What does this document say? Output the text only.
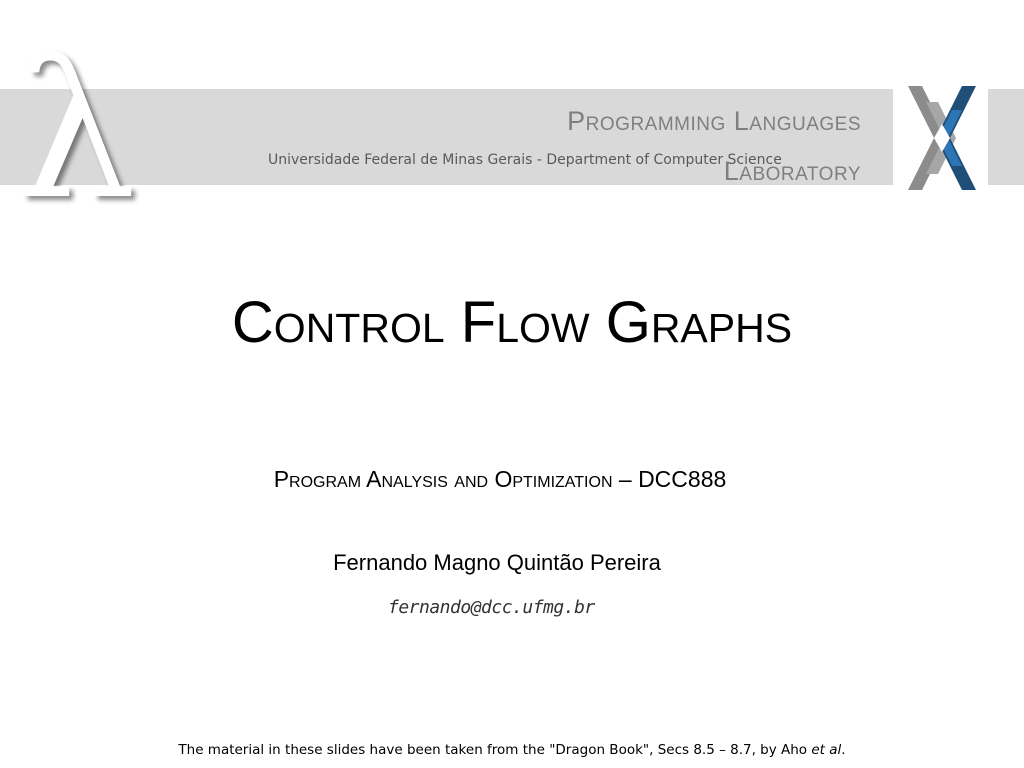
λ	Programming Languages
Laboratory
Universidade Federal de Minas Gerais - Department of Computer Science
Control Flow Graphs
Program Analysis and Optimization – DCC888
Fernando Magno Quintão Pereira
fernando@dcc.ufmg.br
The material in these slides have been taken from the "Dragon Book", Secs 8.5 – 8.7, by Aho et al.
